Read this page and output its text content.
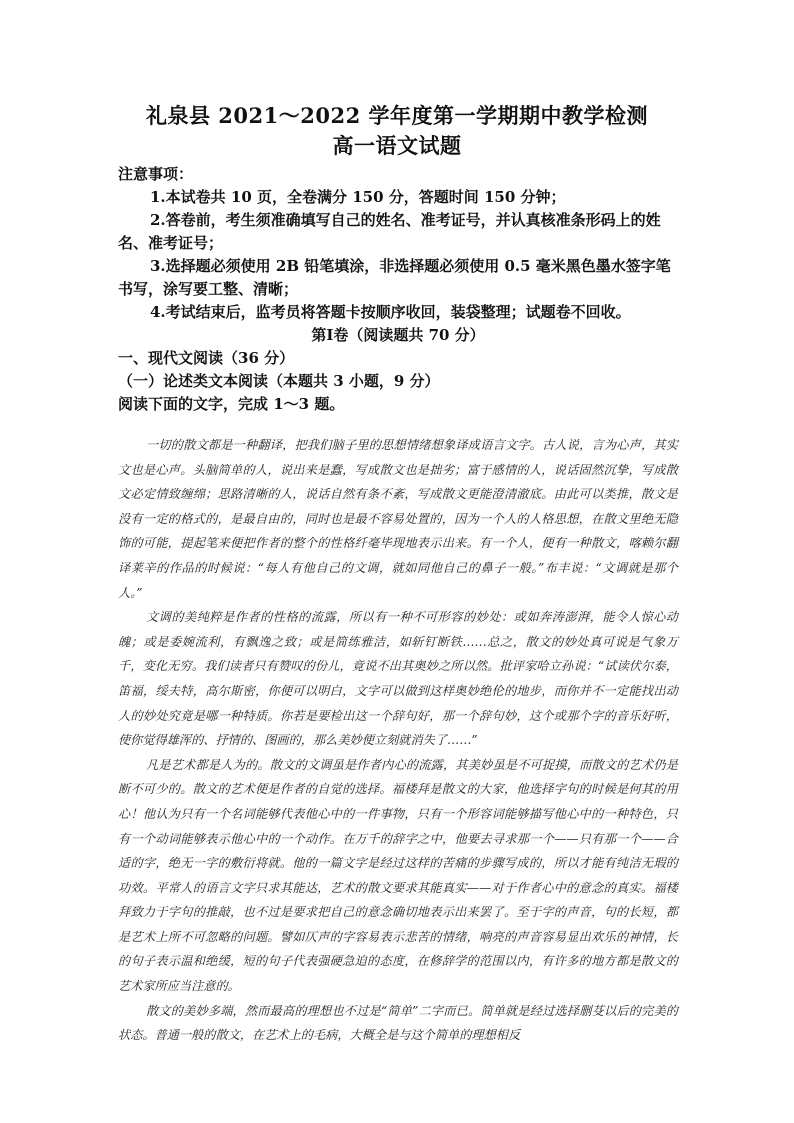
礼泉县 2021～2022 学年度第一学期期中教学检测
高一语文试题

注意事项：

1.本试卷共 10 页，全卷满分 150 分，答题时间 150 分钟；

2.答卷前，考生须准确填写自己的姓名、准考证号，并认真核准条形码上的姓名、准考证号；

3.选择题必须使用 2B 铅笔填涂，非选择题必须使用 0.5 毫米黑色墨水签字笔书写，涂写要工整、清晰；

4.考试结束后，监考员将答题卡按顺序收回，装袋整理；试题卷不回收。

第Ⅰ卷（阅读题共 70 分）

一、现代文阅读（36 分）

（一）论述类文本阅读（本题共 3 小题，9 分）

阅读下面的文字，完成 1～3 题。

一切的散文都是一种翻译，把我们脑子里的思想情绪想象译成语言文字。古人说，言为心声，其实文也是心声。头脑简单的人，说出来是蠢，写成散文也是拙劣；富于感情的人，说话固然沉挚，写成散文必定情致缠绵；思路清晰的人，说话自然有条不紊，写成散文更能澄清澈底。由此可以类推，散文是没有一定的格式的，是最自由的，同时也是最不容易处置的，因为一个人的人格思想，在散文里绝无隐饰的可能，提起笔来便把作者的整个的性格纤毫毕现地表示出来。有一个人，便有一种散文，喀赖尔翻译莱辛的作品的时候说：“每人有他自己的文调，就如同他自己的鼻子一般。”布丰说：“文调就是那个人。”

文调的美纯粹是作者的性格的流露，所以有一种不可形容的妙处：或如奔涛澎湃，能令人惊心动魄；或是委婉流利，有飘逸之致；或是简练雅洁，如斩钉断铁……总之，散文的妙处真可说是气象万千，变化无穷。我们读者只有赞叹的份儿，竟说不出其奥妙之所以然。批评家哈立孙说：“试读伏尔泰，笛福，绥夫特，高尔斯密，你便可以明白，文字可以做到这样奥妙绝伦的地步，而你并不一定能找出动人的妙处究竟是哪一种特质。你若是要检出这一个辞句好，那一个辞句妙，这个或那个字的音乐好听，使你觉得雄浑的、抒情的、图画的，那么美妙便立刻就消失了……”

凡是艺术都是人为的。散文的文调虽是作者内心的流露，其美妙虽是不可捉摸，而散文的艺术仍是断不可少的。散文的艺术便是作者的自觉的选择。福楼拜是散文的大家，他选择字句的时候是何其的用心！他认为只有一个名词能够代表他心中的一件事物，只有一个形容词能够描写他心中的一种特色，只有一个动词能够表示他心中的一个动作。在万千的辞字之中，他要去寻求那一个——只有那一个——合适的字，绝无一字的敷衍将就。他的一篇文字是经过这样的苦痛的步骤写成的，所以才能有纯洁无瑕的功效。平常人的语言文字只求其能达，艺术的散文要求其能真实——对于作者心中的意念的真实。福楼拜致力于字句的推敲，也不过是要求把自己的意念确切地表示出来罢了。至于字的声音，句的长短，都是艺术上所不可忽略的问题。譬如仄声的字容易表示悲苦的情绪，响亮的声音容易显出欢乐的神情，长的句子表示温和绝缓，短的句子代表强硬急迫的态度，在修辞学的范围以内，有许多的地方都是散文的艺术家所应当注意的。

散文的美妙多端，然而最高的理想也不过是“简单”二字而已。简单就是经过选择删芟以后的完美的状态。普通一般的散文，在艺术上的毛病，大概全是与这个简单的理想相反
